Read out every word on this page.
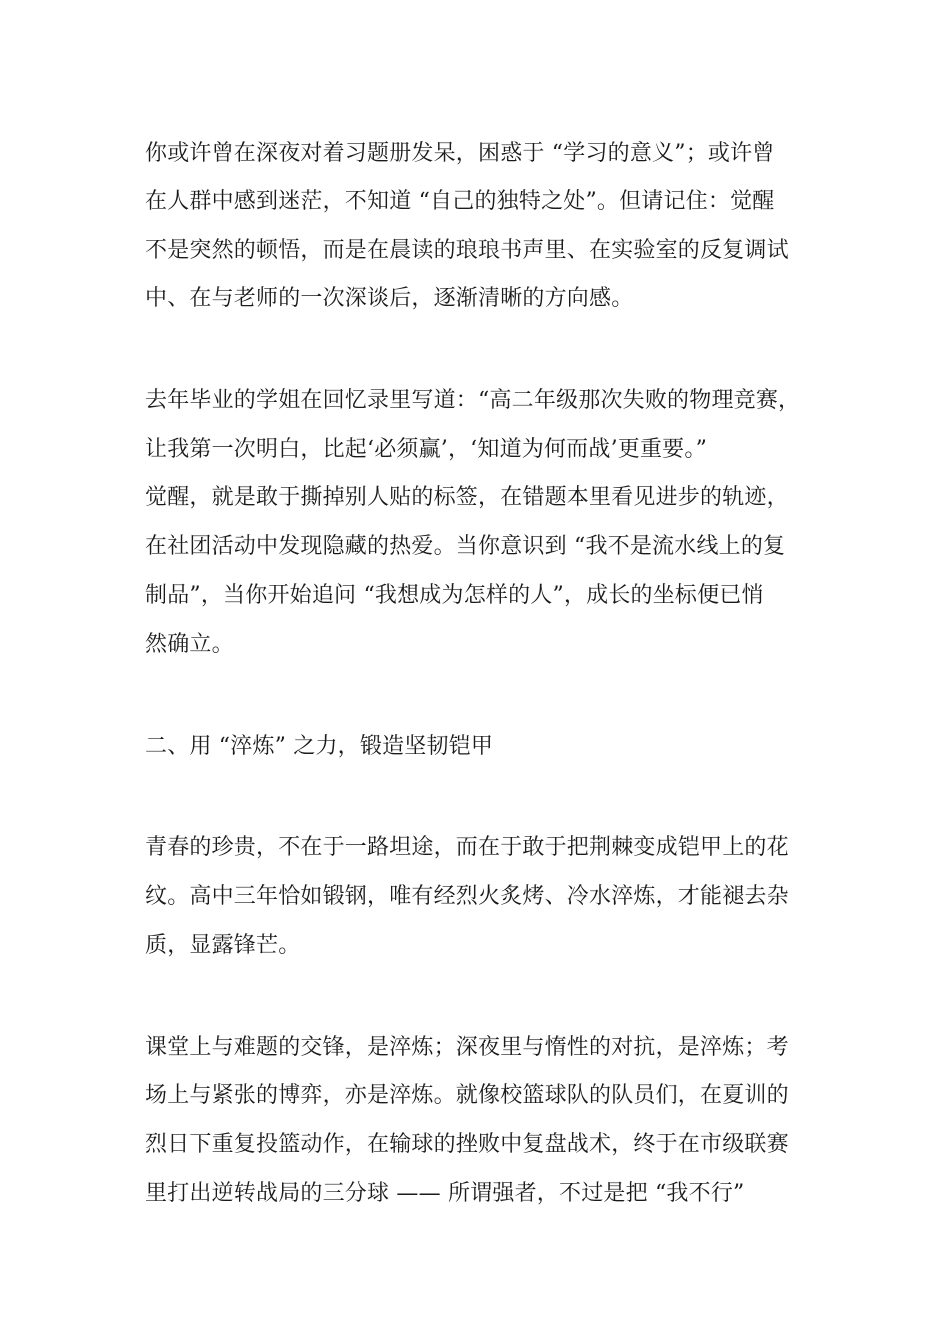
你或许曾在深夜对着习题册发呆，困惑于 “学习的意义”；或许曾
在人群中感到迷茫，不知道 “自己的独特之处”。但请记住：觉醒
不是突然的顿悟，而是在晨读的琅琅书声里、在实验室的反复调试
中、在与老师的一次深谈后，逐渐清晰的方向感。
去年毕业的学姐在回忆录里写道：“高二年级那次失败的物理竞赛，
让我第一次明白，比起‘必须赢’，‘知道为何而战’更重要。”
觉醒，就是敢于撕掉别人贴的标签，在错题本里看见进步的轨迹，
在社团活动中发现隐藏的热爱。当你意识到 “我不是流水线上的复
制品”，当你开始追问 “我想成为怎样的人”，成长的坐标便已悄
然确立。
二、用 “淬炼” 之力，锻造坚韧铠甲
青春的珍贵，不在于一路坦途，而在于敢于把荆棘变成铠甲上的花
纹。高中三年恰如锻钢，唯有经烈火炙烤、冷水淬炼，才能褪去杂
质，显露锋芒。
课堂上与难题的交锋，是淬炼；深夜里与惰性的对抗，是淬炼；考
场上与紧张的博弈，亦是淬炼。就像校篮球队的队员们，在夏训的
烈日下重复投篮动作，在输球的挫败中复盘战术，终于在市级联赛
里打出逆转战局的三分球 —— 所谓强者，不过是把 “我不行”
